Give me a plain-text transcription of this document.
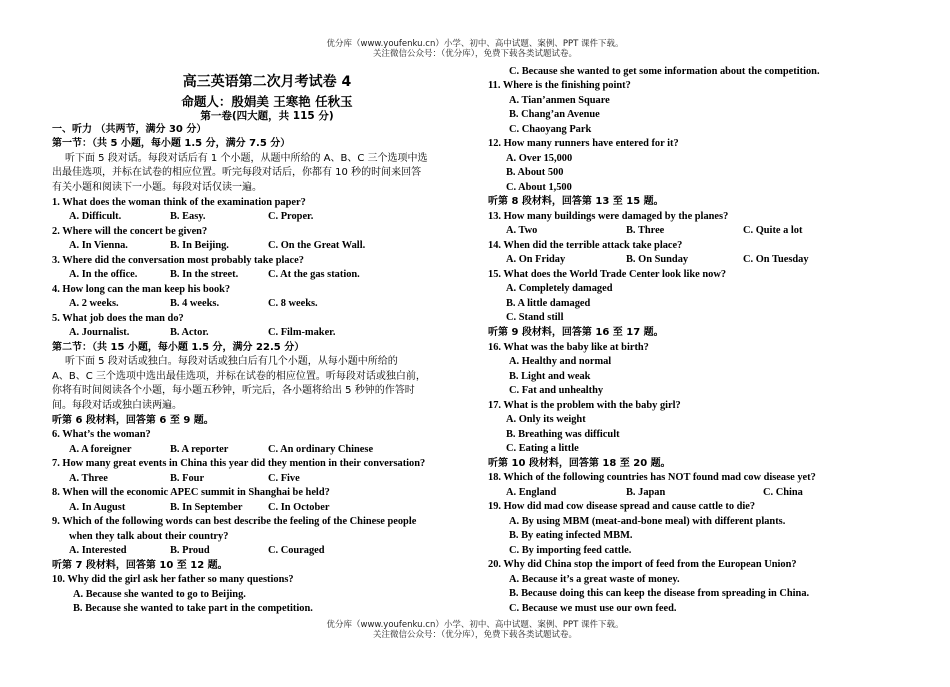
优分库（www.youfenku.cn）小学、初中、高中试题、案例、PPT 课件下载。
关注微信公众号：（优分库），免费下载各类试题试卷。
高三英语第二次月考试卷 4
命题人：殷娟美 王寒艳 任秋玉
第一卷(四大题，共 115 分)
一、听力 （共两节，满分 30 分）
第一节：（共 5 小题，每小题 1.5 分，满分 7.5 分）
听下面 5 段对话。每段对话后有 1 个小题，从题中所给的 A、B、C 三个选项中选
出最佳选项，并标在试卷的相应位置。听完每段对话后，你都有 10 秒的时间来回答
有关小题和阅读下一小题。每段对话仅读一遍。
1. What does the woman think of the examination paper?
A. Difficult.	B. Easy.	C. Proper.
2. Where will the concert be given?
A. In Vienna.	B. In Beijing.	C. On the Great Wall.
3. Where did the conversation most probably take place?
A. In the office.	B. In the street.	C. At the gas station.
4. How long can the man keep his book?
A. 2 weeks.	B. 4 weeks.	C. 8 weeks.
5. What job does the man do?
A. Journalist.	B. Actor.	C. Film-maker.
第二节：（共 15 小题，每小题 1.5 分，满分 22.5 分）
听下面 5 段对话或独白。每段对话或独白后有几个小题，从每小题中所给的
A、B、C 三个选项中选出最佳选项，并标在试卷的相应位置。听每段对话或独白前，
你将有时间阅读各个小题，每小题五秒钟，听完后，各小题将给出 5 秒钟的作答时
间。每段对话或独白读两遍。
听第 6 段材料，回答第 6 至 9 题。
6. What’s the woman?
A. A foreigner	B. A reporter	C. An ordinary Chinese
7. How many great events in China this year did they mention in their conversation?
A. Three	B. Four	C. Five
8. When will the economic APEC summit in Shanghai be held?
A. In August	B. In September C. In October
9. Which of the following words can best describe the feeling of the Chinese people
when they talk about their country?
A. Interested	B. Proud	C. Couraged
听第 7 段材料，回答第 10 至 12 题。
10. Why did the girl ask her father so many questions?
A. Because she wanted to go to Beijing.
B. Because she wanted to take part in the competition.
C. Because she wanted to get some information about the competition.
11. Where is the finishing point?
A. Tian’anmen Square
B. Chang’an Avenue
C. Chaoyang Park
12. How many runners have entered for it?
A. Over 15,000
B. About 500
C. About 1,500
听第 8 段材料，回答第 13 至 15 题。
13. How many buildings were damaged by the planes?
A. Two	B. Three	C. Quite a lot
14. When did the terrible attack take place?
A. On Friday	B. On Sunday	C. On Tuesday
15. What does the World Trade Center look like now?
A. Completely damaged
B. A little damaged
C. Stand still
听第 9 段材料，回答第 16 至 17 题。
16. What was the baby like at birth?
A. Healthy and normal
B. Light and weak
C. Fat and unhealthy
17. What is the problem with the baby girl?
A. Only its weight
B. Breathing was difficult
C. Eating a little
听第 10 段材料，回答第 18 至 20 题。
18. Which of the following countries has NOT found mad cow disease yet?
A. England	B. Japan	C. China
19. How did mad cow disease spread and cause cattle to die?
A. By using MBM (meat-and-bone meal) with different plants.
B. By eating infected MBM.
C. By importing feed cattle.
20. Why did China stop the import of feed from the European Union?
A. Because it’s a great waste of money.
B. Because doing this can keep the disease from spreading in China.
C. Because we must use our own feed.
优分库（www.youfenku.cn）小学、初中、高中试题、案例、PPT 课件下载。
关注微信公众号：（优分库），免费下载各类试题试卷。
